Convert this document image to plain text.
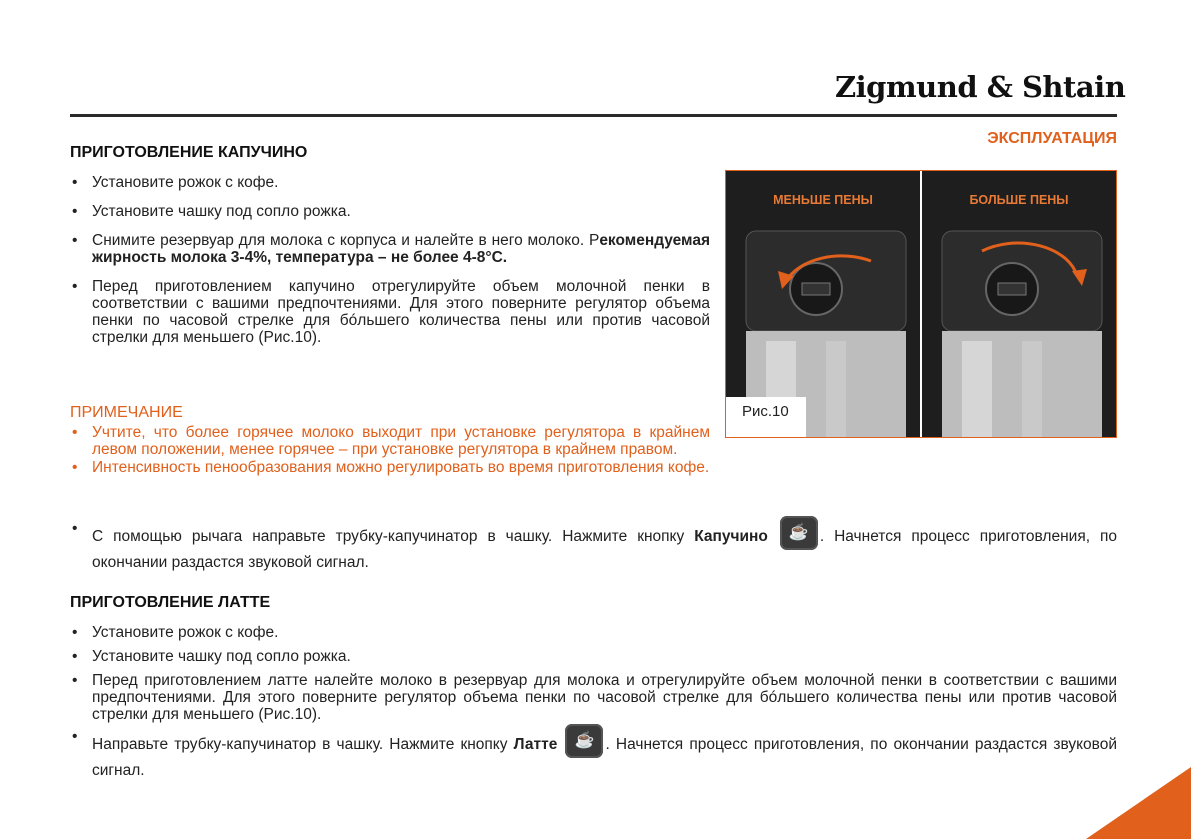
Zigmund & Shtain
ЭКСПЛУАТАЦИЯ
ПРИГОТОВЛЕНИЕ КАПУЧИНО
• Установите рожок с кофе.
• Установите чашку под сопло рожка.
• Снимите резервуар для молока с корпуса и налейте в него молоко. Рекомендуемая жирность молока 3-4%, температура – не более 4-8°C.
• Перед приготовлением капучино отрегулируйте объем молочной пенки в соответствии с вашими предпочтениями. Для этого поверните регулятор объема пенки по часовой стрелке для бóльшего количества пены или против часовой стрелки для меньшего (Рис.10).
ПРИМЕЧАНИЕ
• Учтите, что более горячее молоко выходит при установке регулятора в крайнем левом положении, менее горячее – при установке регулятора в крайнем правом.
• Интенсивность пенообразования можно регулировать во время приготовления кофе.
• С помощью рычага направьте трубку-капучинатор в чашку. Нажмите кнопку Капучино	☕ . Начнется процесс приготовления, по окончании раздастся звуковой сигнал.
МЕНЬШЕ ПЕНЫ	БОЛЬШЕ ПЕНЫ
Рис.10
ПРИГОТОВЛЕНИЕ ЛАТТЕ
• Установите рожок с кофе.
• Установите чашку под сопло рожка.
• Перед приготовлением латте налейте молоко в резервуар для молока и отрегулируйте объем молочной пенки в соответствии с вашими предпочтениями. Для этого поверните регулятор объема пенки по часовой стрелке для бóльшего количества пены или против часовой стрелки для меньшего (Рис.10).
• Направьте трубку-капучинатор в чашку. Нажмите кнопку Латте	☕ . Начнется процесс приготовления, по окончании раздастся звуковой сигнал.
